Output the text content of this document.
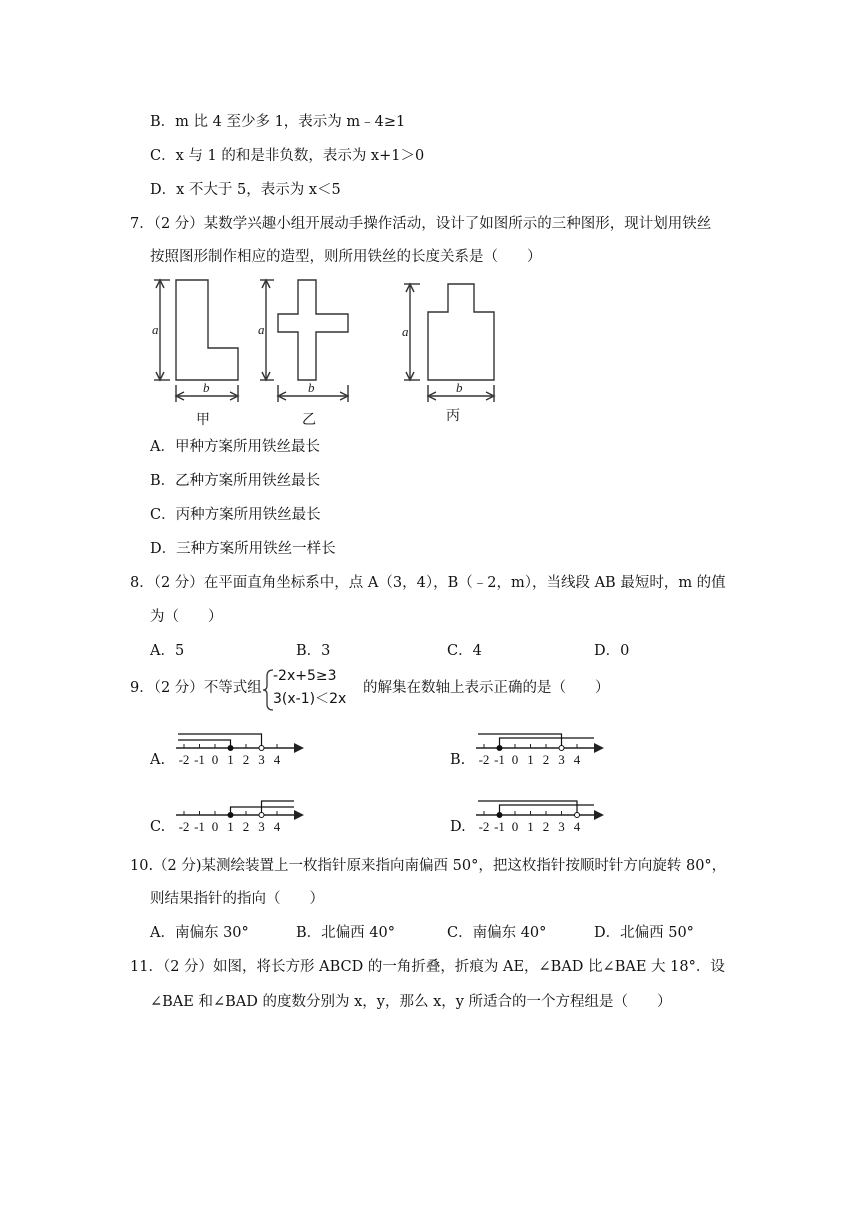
B．m 比 4 至少多 1，表示为 m﹣4≥1
C．x 与 1 的和是非负数，表示为 x+1＞0
D．x 不大于 5，表示为 x＜5
7．（2 分）某数学兴趣小组开展动手操作活动，设计了如图所示的三种图形，现计划用铁丝
按照图形制作相应的造型，则所用铁丝的长度关系是（　　）
a
b
a
b
a
b
甲	乙	丙
A．甲种方案所用铁丝最长
B．乙种方案所用铁丝最长
C．丙种方案所用铁丝最长
D．三种方案所用铁丝一样长
8．（2 分）在平面直角坐标系中，点 A（3，4），B（﹣2，m），当线段 AB 最短时，m 的值
为（　　）
A．5	B．3	C．4	D．0
9．（2 分）不等式组
-2x+5≥3
3(x-1)＜2x
的解集在数轴上表示正确的是（　　）
A.	B.
C.	D.
-2 -1 0 1 2 3 4	-2 -1 0 1 2 3 4
-2 -1 0 1 2 3 4	-2 -1 0 1 2 3 4
10.（2 分)某测绘装置上一枚指针原来指向南偏西 50°，把这枚指针按顺时针方向旋转 80°，
则结果指针的指向（　　）
A．南偏东 30°	B．北偏西 40°	C．南偏东 40°	D．北偏西 50°
11．（2 分）如图，将长方形 ABCD 的一角折叠，折痕为 AE，∠BAD 比∠BAE 大 18°．设
∠BAE 和∠BAD 的度数分别为 x，y，那么 x，y 所适合的一个方程组是（　　）
